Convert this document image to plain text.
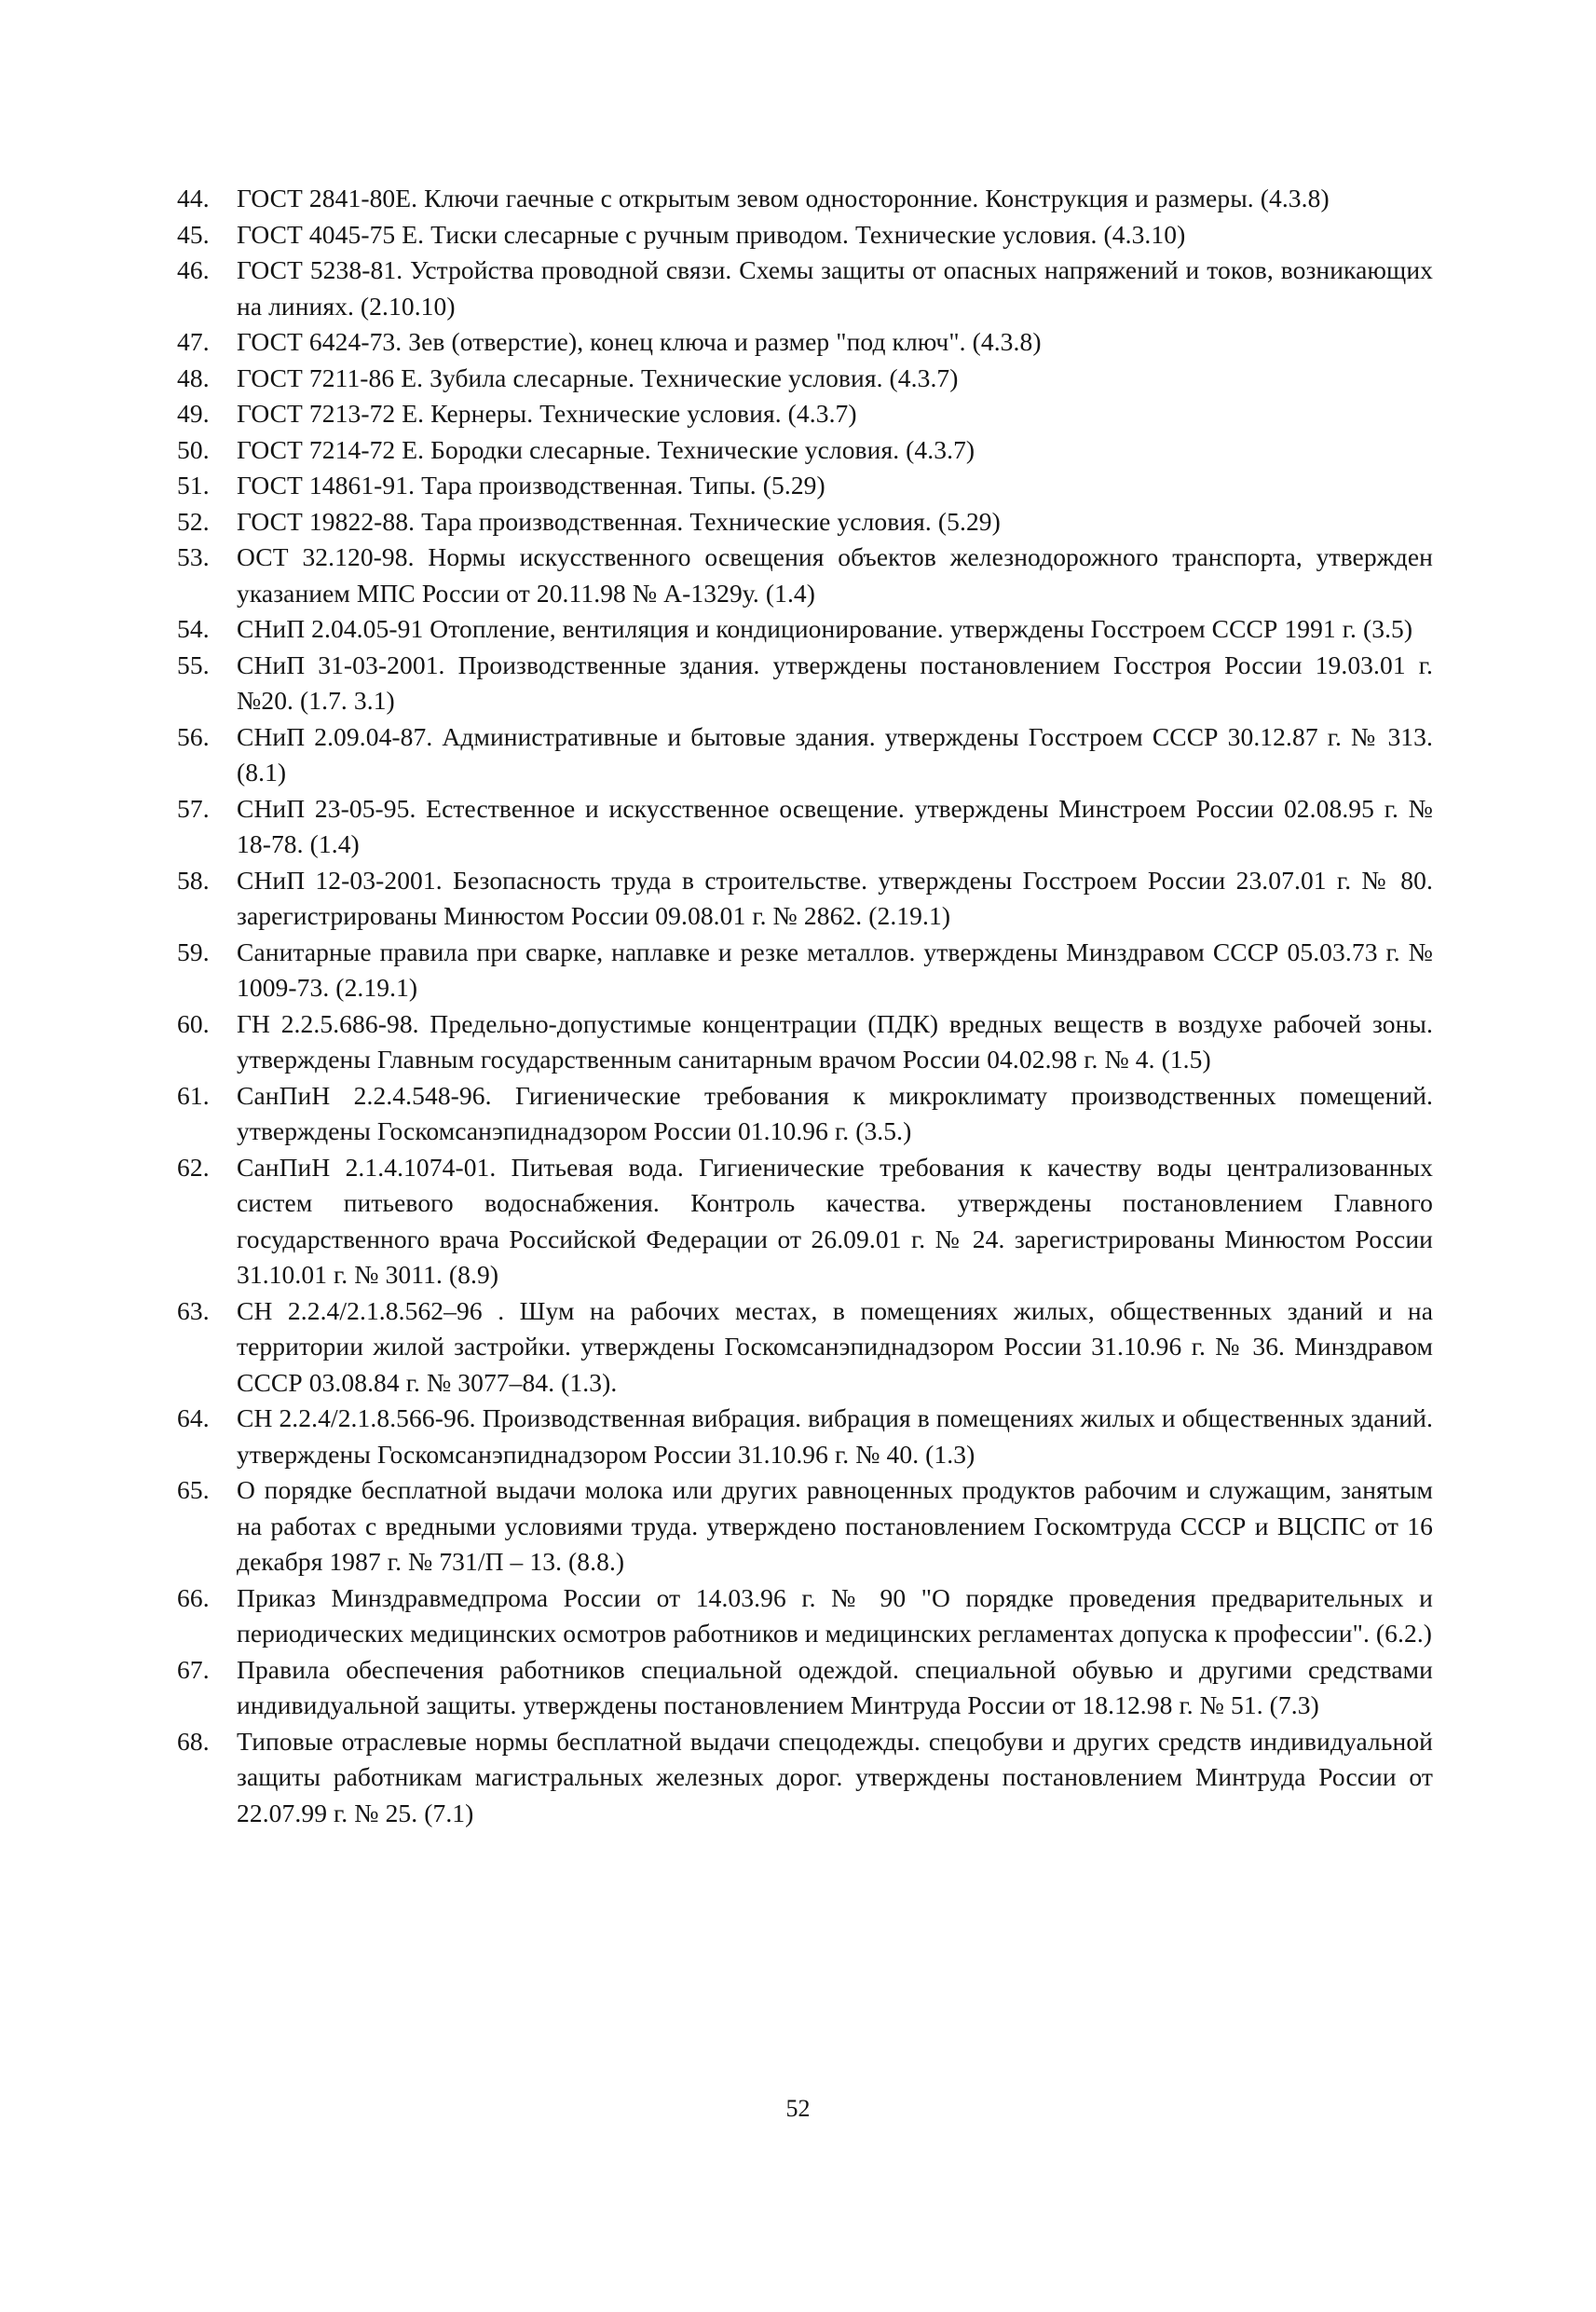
44.	ГОСТ 2841-80Е. Ключи гаечные с открытым зевом односторонние. Конструкция и размеры. (4.3.8)
45.	ГОСТ 4045-75 Е. Тиски слесарные с ручным приводом. Технические условия. (4.3.10)
46.	ГОСТ 5238-81. Устройства проводной связи. Схемы защиты от опасных напряжений и токов, возникающих на линиях. (2.10.10)
47.	ГОСТ 6424-73. Зев (отверстие), конец ключа и размер "под ключ". (4.3.8)
48.	ГОСТ 7211-86 Е. Зубила слесарные. Технические условия. (4.3.7)
49.	ГОСТ 7213-72 Е. Кернеры. Технические условия. (4.3.7)
50.	ГОСТ 7214-72 Е. Бородки слесарные. Технические условия. (4.3.7)
51.	ГОСТ 14861-91. Тара производственная. Типы. (5.29)
52.	ГОСТ 19822-88. Тара производственная. Технические условия. (5.29)
53.	ОСТ 32.120-98. Нормы искусственного освещения объектов железнодорожного транспорта, утвержден указанием МПС России от 20.11.98 № А-1329у. (1.4)
54.	СНиП 2.04.05-91 Отопление, вентиляция и кондиционирование. утверждены Госстроем СССР 1991 г. (3.5)
55.	СНиП 31-03-2001. Производственные здания. утверждены постановлением Госстроя России 19.03.01 г. №20. (1.7. 3.1)
56.	СНиП 2.09.04-87. Административные и бытовые здания. утверждены Госстроем СССР 30.12.87 г. № 313. (8.1)
57.	СНиП 23-05-95. Естественное и искусственное освещение. утверждены Минстроем России 02.08.95 г. № 18-78. (1.4)
58.	СНиП 12-03-2001. Безопасность труда в строительстве. утверждены Госстроем России 23.07.01 г. № 80. зарегистрированы Минюстом России 09.08.01 г. № 2862. (2.19.1)
59.	Санитарные правила при сварке, наплавке и резке металлов. утверждены Минздравом СССР 05.03.73 г. № 1009-73. (2.19.1)
60.	ГН 2.2.5.686-98. Предельно-допустимые концентрации (ПДК) вредных веществ в воздухе рабочей зоны. утверждены Главным государственным санитарным врачом России 04.02.98 г. № 4. (1.5)
61.	СанПиН 2.2.4.548-96. Гигиенические требования к микроклимату производственных помещений. утверждены Госкомсанэпиднадзором России 01.10.96 г. (3.5.)
62.	СанПиН 2.1.4.1074-01. Питьевая вода. Гигиенические требования к качеству воды централизованных систем питьевого водоснабжения. Контроль качества. утверждены постановлением Главного государственного врача Российской Федерации от 26.09.01 г. № 24. зарегистрированы Минюстом России 31.10.01 г. № 3011. (8.9)
63.	СН 2.2.4/2.1.8.562–96 . Шум на рабочих местах, в помещениях жилых, общественных зданий и на территории жилой застройки. утверждены Госкомсанэпиднадзором России 31.10.96 г. № 36. Минздравом СССР 03.08.84 г. № 3077–84. (1.3).
64.	СН 2.2.4/2.1.8.566-96. Производственная вибрация. вибрация в помещениях жилых и общественных зданий. утверждены Госкомсанэпиднадзором России 31.10.96 г. № 40. (1.3)
65.	О порядке бесплатной выдачи молока или других равноценных продуктов рабочим и служащим, занятым на работах с вредными условиями труда. утверждено постановлением Госкомтруда СССР и ВЦСПС от 16 декабря 1987 г. № 731/П – 13. (8.8.)
66.	Приказ Минздравмедпрома России от 14.03.96 г. № 90 "О порядке проведения предварительных и периодических медицинских осмотров работников и медицинских регламентах допуска к профессии". (6.2.)
67.	Правила обеспечения работников специальной одеждой. специальной обувью и другими средствами индивидуальной защиты. утверждены постановлением Минтруда России от 18.12.98 г. № 51. (7.3)
68.	Типовые отраслевые нормы бесплатной выдачи спецодежды. спецобуви и других средств индивидуальной защиты работникам магистральных железных дорог. утверждены постановлением Минтруда России от 22.07.99 г. № 25. (7.1)
52
